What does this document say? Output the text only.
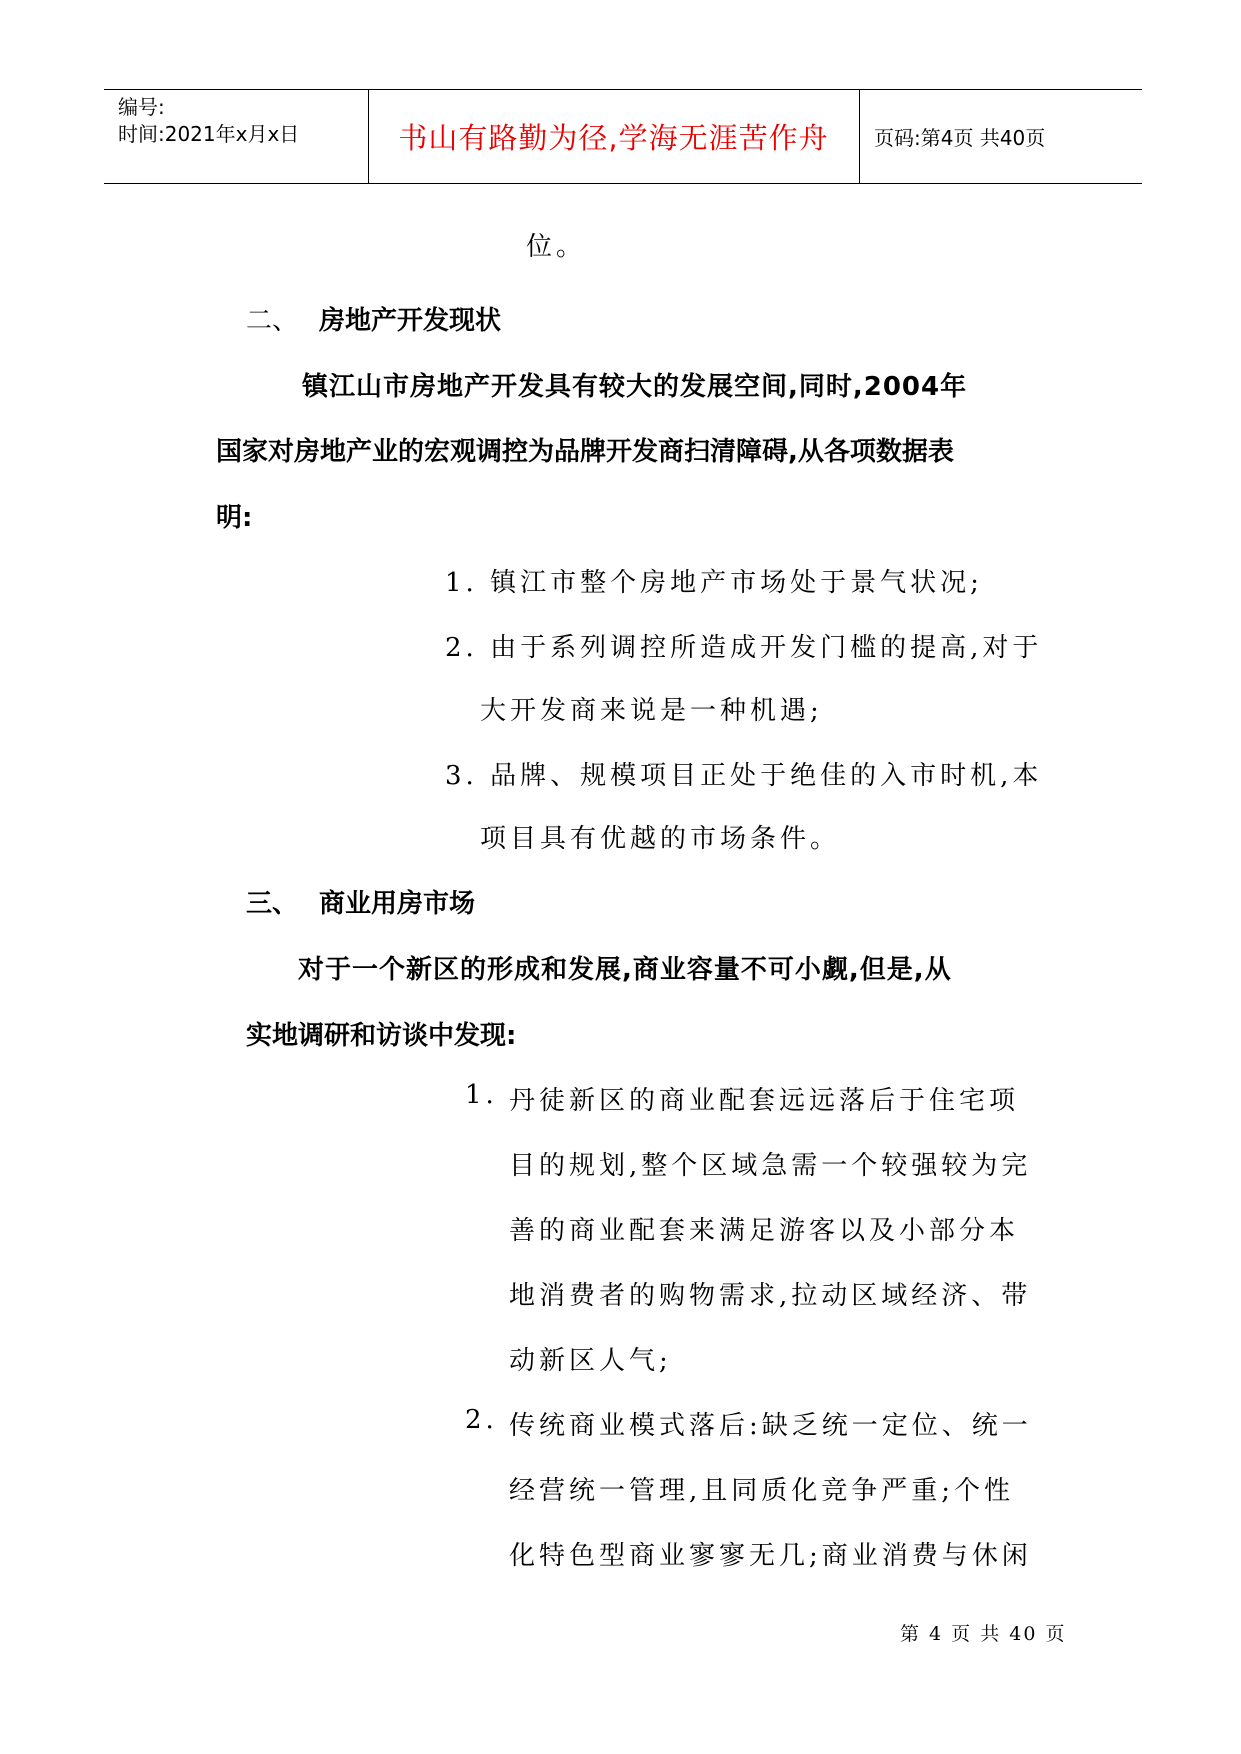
编号:
时间:2021年x月x日	书山有路勤为径,学海无涯苦作舟	页码:第4页 共40页
位。
二、 房地产开发现状
镇江山市房地产开发具有较大的发展空间,同时,2004年
国家对房地产业的宏观调控为品牌开发商扫清障碍,从各项数据表
明:
1. 镇江市整个房地产市场处于景气状况;
2. 由于系列调控所造成开发门槛的提高,对于
大开发商来说是一种机遇;
3. 品牌、规模项目正处于绝佳的入市时机,本
项目具有优越的市场条件。
三、 商业用房市场
对于一个新区的形成和发展,商业容量不可小觑,但是,从
实地调研和访谈中发现:
1. 丹徒新区的商业配套远远落后于住宅项
目的规划,整个区域急需一个较强较为完
善的商业配套来满足游客以及小部分本
地消费者的购物需求,拉动区域经济、带
动新区人气;
2. 传统商业模式落后:缺乏统一定位、统一
经营统一管理,且同质化竞争严重;个性
化特色型商业寥寥无几;商业消费与休闲
第 4 页 共 40 页
